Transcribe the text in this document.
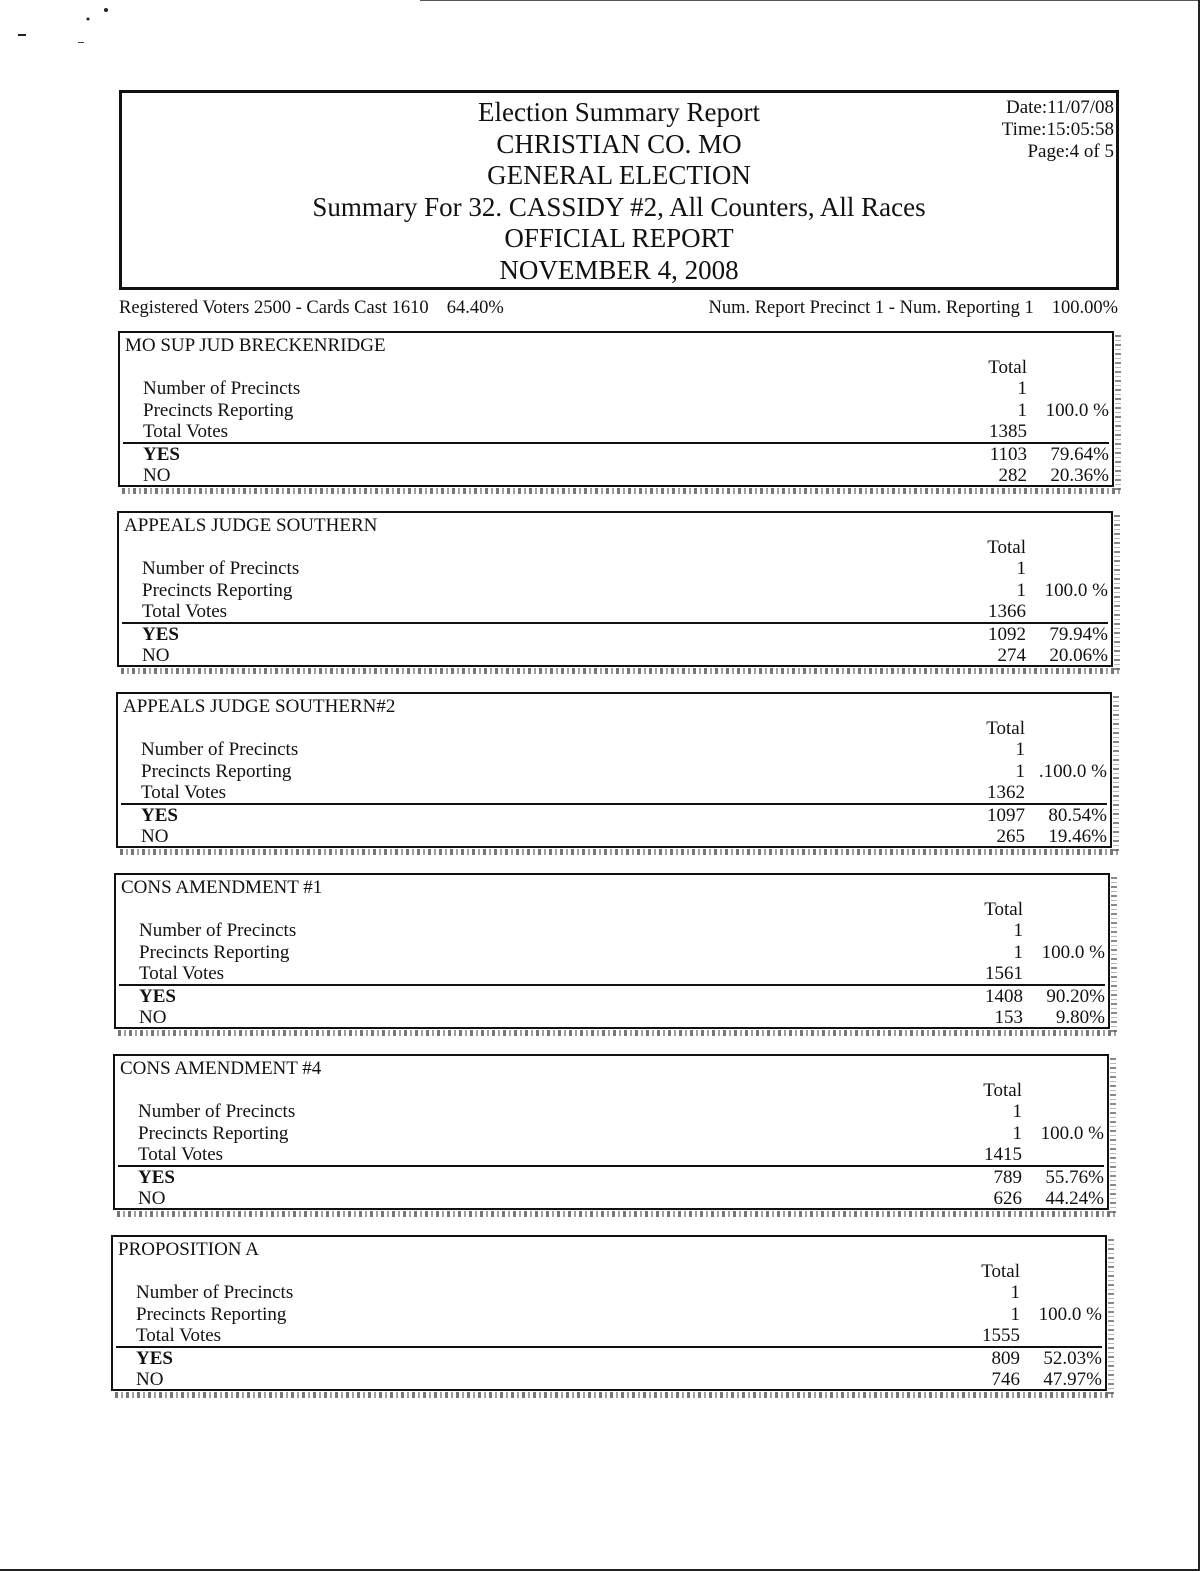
Election Summary Report
CHRISTIAN CO. MO
GENERAL ELECTION
Summary For 32. CASSIDY #2, All Counters, All Races
OFFICIAL REPORT
NOVEMBER 4, 2008
Date:11/07/08
Time:15:05:58
Page:4 of 5
Registered Voters 2500 - Cards Cast 1610 64.40%	Num. Report Precinct 1 - Num. Reporting 1 100.00%
MO SUP JUD BRECKENRIDGE
Total
Number of Precincts	1
Precincts Reporting	1 100.0 %
Total Votes	1385
YES	1103 79.64%
NO	282 20.36%
APPEALS JUDGE SOUTHERN
Total
Number of Precincts	1
Precincts Reporting	1 100.0 %
Total Votes	1366
YES	1092 79.94%
NO	274 20.06%
APPEALS JUDGE SOUTHERN#2
Total
Number of Precincts	1
Precincts Reporting	1 .100.0 %
Total Votes	1362
YES	1097 80.54%
NO	265 19.46%
CONS AMENDMENT #1
Total
Number of Precincts	1
Precincts Reporting	1 100.0 %
Total Votes	1561
YES	1408 90.20%
NO	153 9.80%
CONS AMENDMENT #4
Total
Number of Precincts	1
Precincts Reporting	1 100.0 %
Total Votes	1415
YES	789 55.76%
NO	626 44.24%
PROPOSITION A
Total
Number of Precincts	1
Precincts Reporting	1 100.0 %
Total Votes	1555
YES	809 52.03%
NO	746 47.97%
